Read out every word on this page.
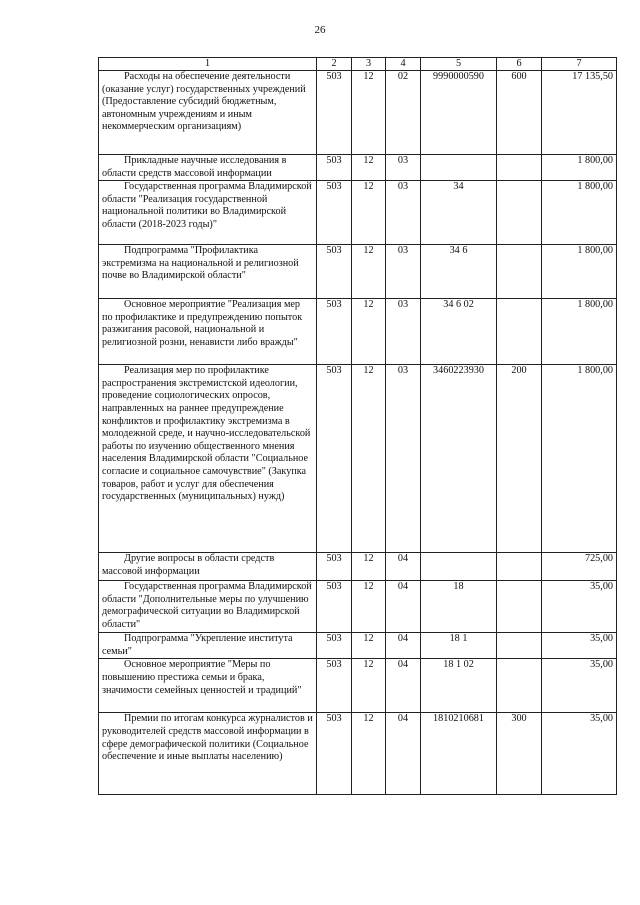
26
1	2	3	4	5	6	7

Расходы на обеспечение деятельности (оказание услуг) государственных учреждений (Предоставление субсидий бюджетным, автономным учреждениям и иным некоммерческим организациям)	503	12	02	9990000590	600	17 135,50

Прикладные научные исследования в области средств массовой информации	503	12	03			1 800,00

Государственная программа Владимирской области "Реализация государственной национальной политики во Владимирской области (2018-2023 годы)"	503	12	03	34		1 800,00

Подпрограмма "Профилактика экстремизма на национальной и религиозной почве во Владимирской области"	503	12	03	34 6		1 800,00

Основное мероприятие "Реализация мер по профилактике и предупреждению попыток разжигания расовой, национальной и религиозной розни, ненависти либо вражды"	503	12	03	34 6 02		1 800,00

Реализация мер по профилактике распространения экстремистской идеологии, проведение социологических опросов, направленных на раннее предупреждение конфликтов и профилактику экстремизма в молодежной среде, и научно-исследовательской работы по изучению общественного мнения населения Владимирской области "Социальное согласие и социальное самочувствие" (Закупка товаров, работ и услуг для обеспечения государственных (муниципальных) нужд)	503	12	03	3460223930	200	1 800,00

Другие вопросы в области средств массовой информации	503	12	04			725,00

Государственная программа Владимирской области "Дополнительные меры по улучшению демографической ситуации во Владимирской области"	503	12	04	18		35,00

Подпрограмма "Укрепление института семьи"	503	12	04	18 1		35,00

Основное мероприятие "Меры по повышению престижа семьи и брака, значимости семейных ценностей и традиций"	503	12	04	18 1 02		35,00

Премии по итогам конкурса журналистов и руководителей средств массовой информации в сфере демографической политики (Социальное обеспечение и иные выплаты населению)	503	12	04	1810210681	300	35,00
